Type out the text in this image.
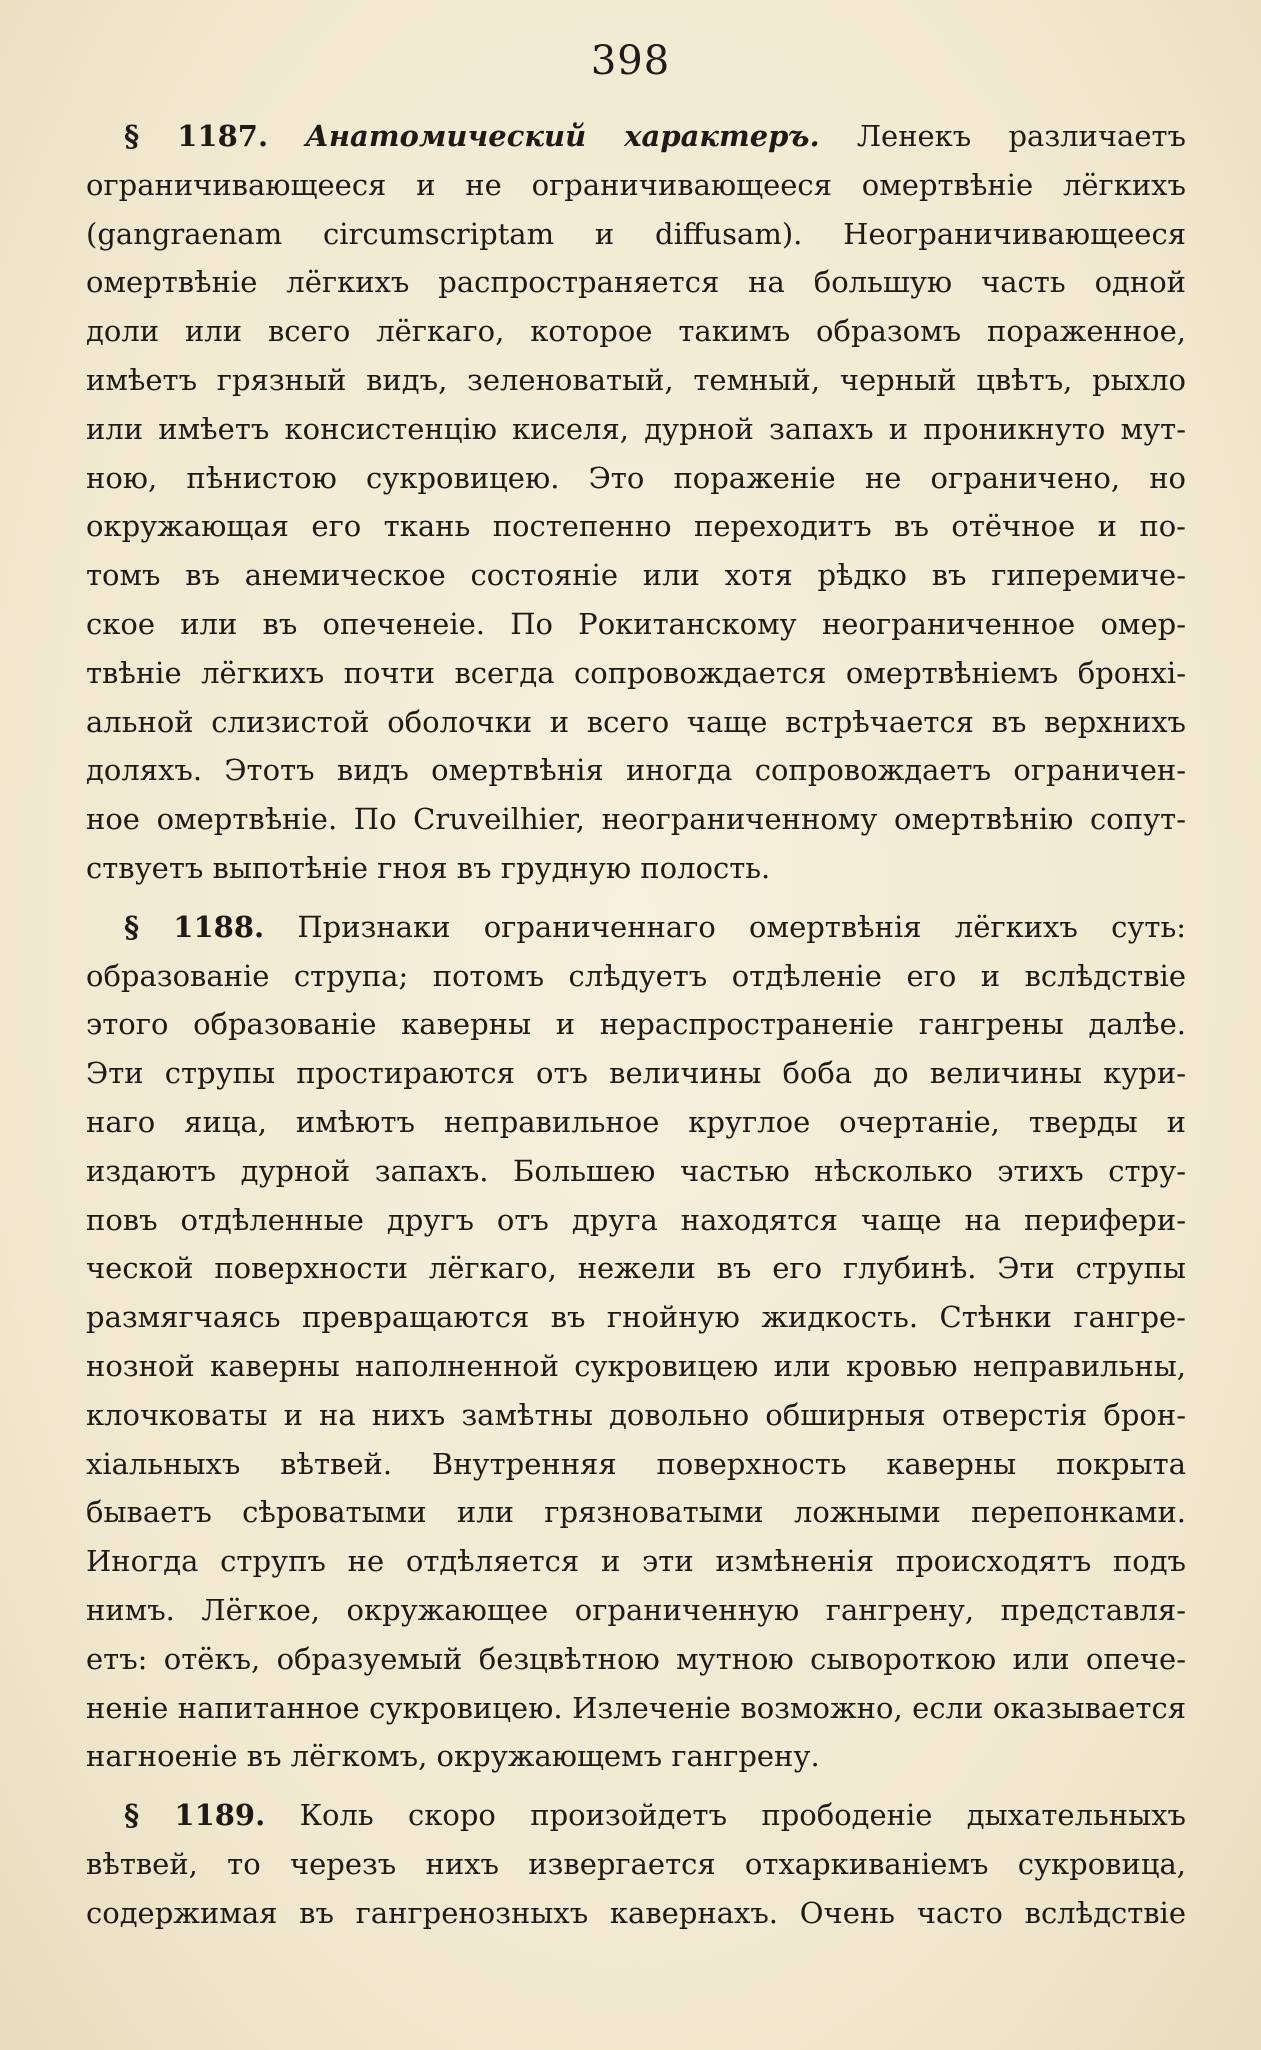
398

§ 1187. Анатомический характеръ. Ленекъ различаетъ
ограничивающееся и не ограничивающееся омертвѣніе лёгкихъ
(gangraenam circumscriptam и diffusam). Неограничивающееся
омертвѣніе лёгкихъ распространяется на большую часть одной
доли или всего лёгкаго, которое такимъ образомъ пораженное,
имѣетъ грязный видъ, зеленоватый, темный, черный цвѣтъ, рыхло
или имѣетъ консистенцію киселя, дурной запахъ и проникнуто мут-
ною, пѣнистою сукровицею. Это пораженіе не ограничено, но
окружающая его ткань постепенно переходитъ въ отёчное и по-
томъ въ анемическое состояніе или хотя рѣдко въ гиперемиче-
ское или въ опеченеіе. По Рокитанскому неограниченное омер-
твѣніе лёгкихъ почти всегда сопровождается омертвѣніемъ бронхі-
альной слизистой оболочки и всего чаще встрѣчается въ верхнихъ
доляхъ. Этотъ видъ омертвѣнія иногда сопровождаетъ ограничен-
ное омертвѣніе. По Cruveilhier, неограниченному омертвѣнію сопут-
ствуетъ выпотѣніе гноя въ грудную полость.

§ 1188. Признаки ограниченнаго омертвѣнія лёгкихъ суть:
образованіе струпа; потомъ слѣдуетъ отдѣленіе его и вслѣдствіе
этого образованіе каверны и нераспространеніе гангрены далѣе.
Эти струпы простираются отъ величины боба до величины кури-
наго яица, имѣютъ неправильное круглое очертаніе, тверды и
издаютъ дурной запахъ. Большею частью нѣсколько этихъ стру-
повъ отдѣленные другъ отъ друга находятся чаще на перифери-
ческой поверхности лёгкаго, нежели въ его глубинѣ. Эти струпы
размягчаясь превращаются въ гнойную жидкость. Стѣнки гангре-
нозной каверны наполненной сукровицею или кровью неправильны,
клочковаты и на нихъ замѣтны довольно обширныя отверстія брон-
хіальныхъ вѣтвей. Внутренняя поверхность каверны покрыта
бываетъ сѣроватыми или грязноватыми ложными перепонками.
Иногда струпъ не отдѣляется и эти измѣненія происходятъ подъ
нимъ. Лёгкое, окружающее ограниченную гангрену, представля-
етъ: отёкъ, образуемый безцвѣтною мутною сывороткою или опече-
неніе напитанное сукровицею. Излеченіе возможно, если оказывается
нагноеніе въ лёгкомъ, окружающемъ гангрену.

§ 1189. Коль скоро произойдетъ прободеніе дыхательныхъ
вѣтвей, то черезъ нихъ извергается отхаркиваніемъ сукровица,
содержимая въ гангренозныхъ кавернахъ. Очень часто вслѣдствіе
